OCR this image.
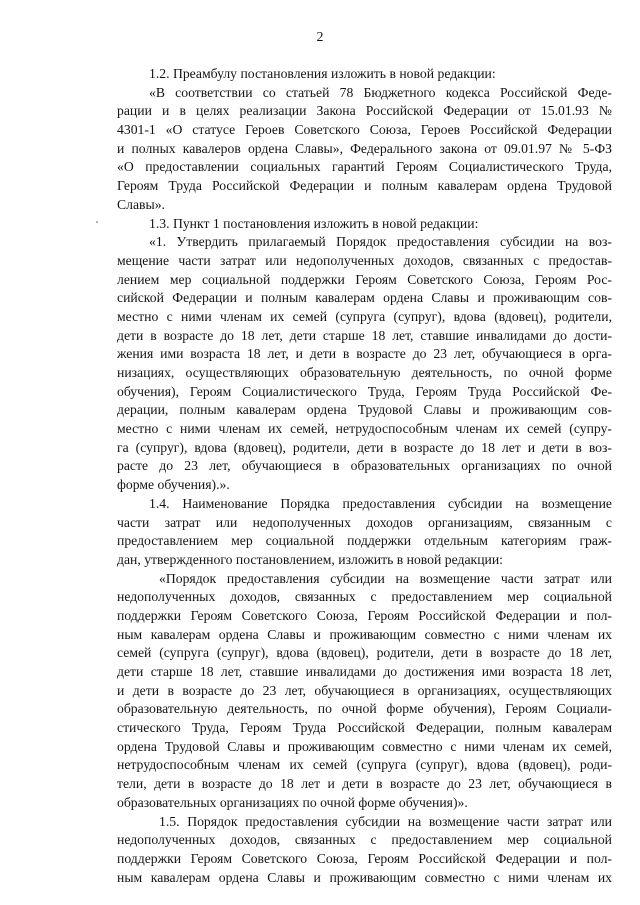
2
1.2. Преамбулу постановления изложить в новой редакции:
«В соответствии со статьей 78 Бюджетного кодекса Российской Феде-
рации и в целях реализации Закона Российской Федерации от 15.01.93 №
4301-1 «О статусе Героев Советского Союза, Героев Российской Федерации
и полных кавалеров ордена Славы», Федерального закона от 09.01.97 № 5-ФЗ
«О предоставлении социальных гарантий Героям Социалистического Труда,
Героям Труда Российской Федерации и полным кавалерам ордена Трудовой
Славы».
1.3. Пункт 1 постановления изложить в новой редакции:
«1. Утвердить прилагаемый Порядок предоставления субсидии на воз-
мещение части затрат или недополученных доходов, связанных с предостав-
лением мер социальной поддержки Героям Советского Союза, Героям Рос-
сийской Федерации и полным кавалерам ордена Славы и проживающим сов-
местно с ними членам их семей (супруга (супруг), вдова (вдовец), родители,
дети в возрасте до 18 лет, дети старше 18 лет, ставшие инвалидами до дости-
жения ими возраста 18 лет, и дети в возрасте до 23 лет, обучающиеся в орга-
низациях, осуществляющих образовательную деятельность, по очной форме
обучения), Героям Социалистического Труда, Героям Труда Российской Фе-
дерации, полным кавалерам ордена Трудовой Славы и проживающим сов-
местно с ними членам их семей, нетрудоспособным членам их семей (супру-
га (супруг), вдова (вдовец), родители, дети в возрасте до 18 лет и дети в воз-
расте до 23 лет, обучающиеся в образовательных организациях по очной
форме обучения).».
1.4. Наименование Порядка предоставления субсидии на возмещение
части затрат или недополученных доходов организациям, связанным с
предоставлением мер социальной поддержки отдельным категориям граж-
дан, утвержденного постановлением, изложить в новой редакции:
«Порядок предоставления субсидии на возмещение части затрат или
недополученных доходов, связанных с предоставлением мер социальной
поддержки Героям Советского Союза, Героям Российской Федерации и пол-
ным кавалерам ордена Славы и проживающим совместно с ними членам их
семей (супруга (супруг), вдова (вдовец), родители, дети в возрасте до 18 лет,
дети старше 18 лет, ставшие инвалидами до достижения ими возраста 18 лет,
и дети в возрасте до 23 лет, обучающиеся в организациях, осуществляющих
образовательную деятельность, по очной форме обучения), Героям Социали-
стического Труда, Героям Труда Российской Федерации, полным кавалерам
ордена Трудовой Славы и проживающим совместно с ними членам их семей,
нетрудоспособным членам их семей (супруга (супруг), вдова (вдовец), роди-
тели, дети в возрасте до 18 лет и дети в возрасте до 23 лет, обучающиеся в
образовательных организациях по очной форме обучения)».
1.5. Порядок предоставления субсидии на возмещение части затрат или
недополученных доходов, связанных с предоставлением мер социальной
поддержки Героям Советского Союза, Героям Российской Федерации и пол-
ным кавалерам ордена Славы и проживающим совместно с ними членам их
